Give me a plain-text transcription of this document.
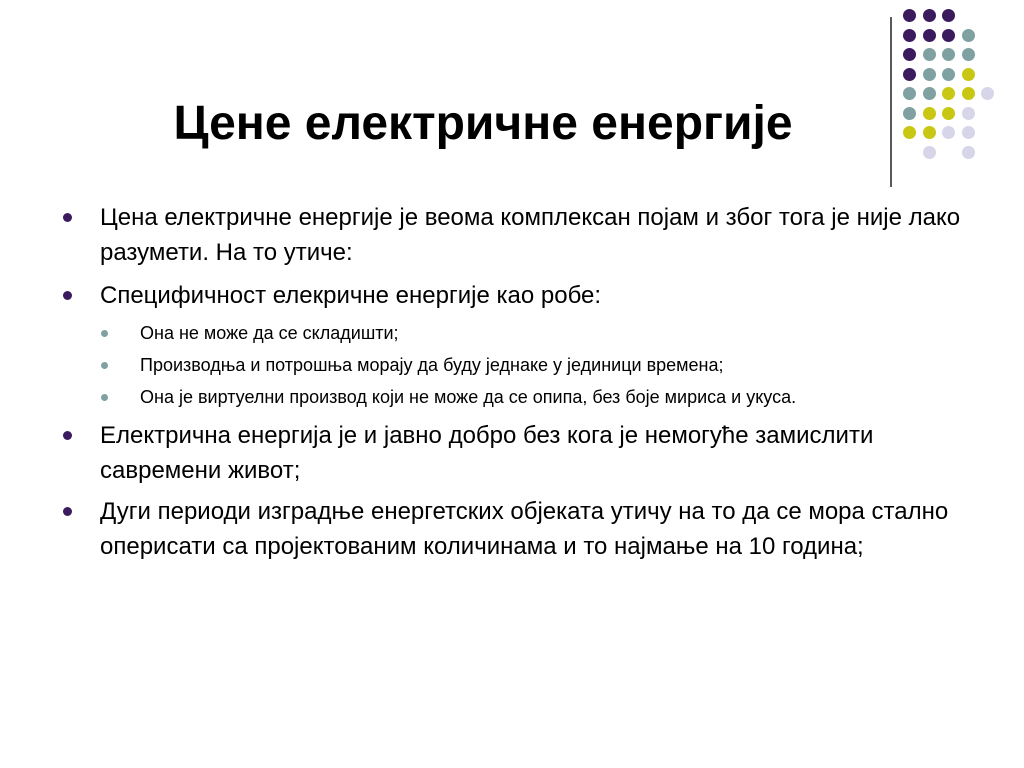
Цене електричне енергије
Цена електричне енергије је веома комплексан појам и због тога је није лако разумети. На то утиче:
Специфичност елекричне енергије као робе:
Она не може да се складишти;
Производња и потрошња морају да буду једнаке у јединици времена;
Она је виртуелни производ који не може да се опипа, без боје мириса и укуса.
Електрична енергија је и јавно добро без кога је немогуће замислити савремени живот;
Дуги периоди изградње енергетских објеката утичу на то да се мора стално оперисати са пројектованим количинама и то најмање на 10 година;
